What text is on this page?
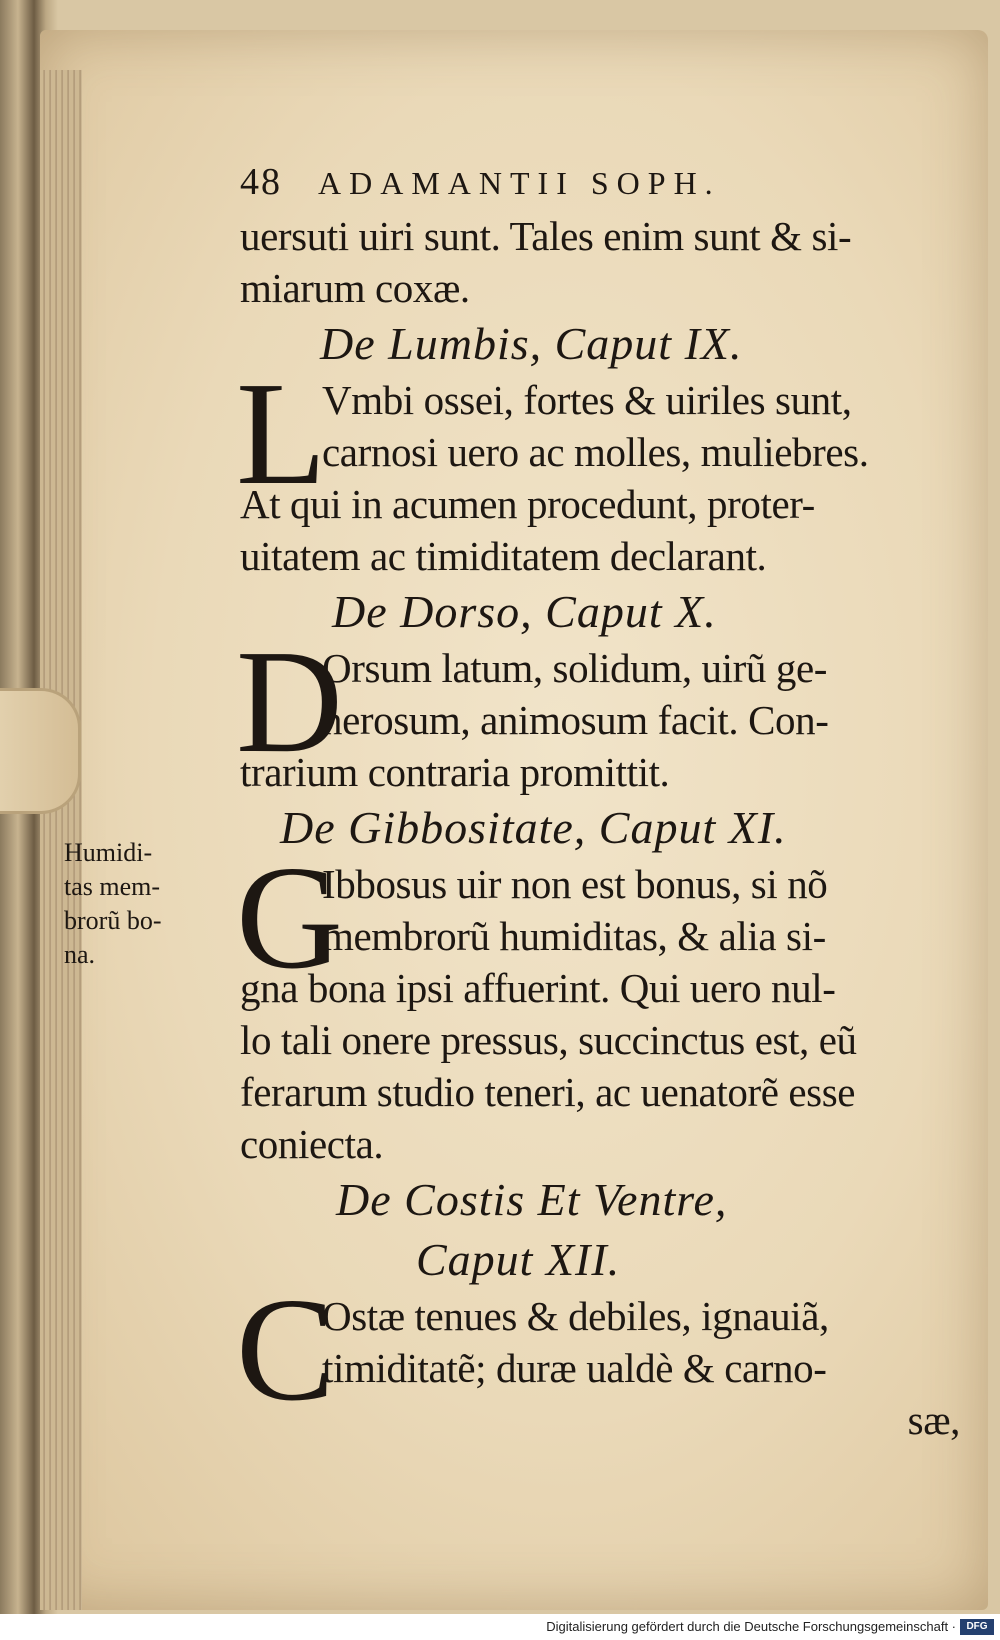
Humidi-
tas mem-
brorũ bo-
na.
48 ADAMANTII SOPH.
uersuti uiri sunt. Tales enim sunt & si-
miarum coxæ.
De Lumbis, Caput IX.
L
Vmbi ossei, fortes & uiriles sunt,
carnosi uero ac molles, muliebres.
At qui in acumen procedunt, proter-
uitatem ac timiditatem declarant.
De Dorso, Caput X.
D
Orsum latum, solidum, uirũ ge-
nerosum, animosum facit. Con-
trarium contraria promittit.
De Gibbositate, Caput XI.
G
Ibbosus uir non est bonus, si nõ
membrorũ humiditas, & alia si-
gna bona ipsi affuerint. Qui uero nul-
lo tali onere pressus, succinctus est, eũ
ferarum studio teneri, ac uenatorẽ esse
coniecta.
De Costis Et Ventre,
Caput XII.
C
Ostæ tenues & debiles, ignauiã,
timiditatẽ; duræ ualdè & carno-
sæ,
Digitalisierung gefördert durch die Deutsche Forschungsgemeinschaft ·	DFG
